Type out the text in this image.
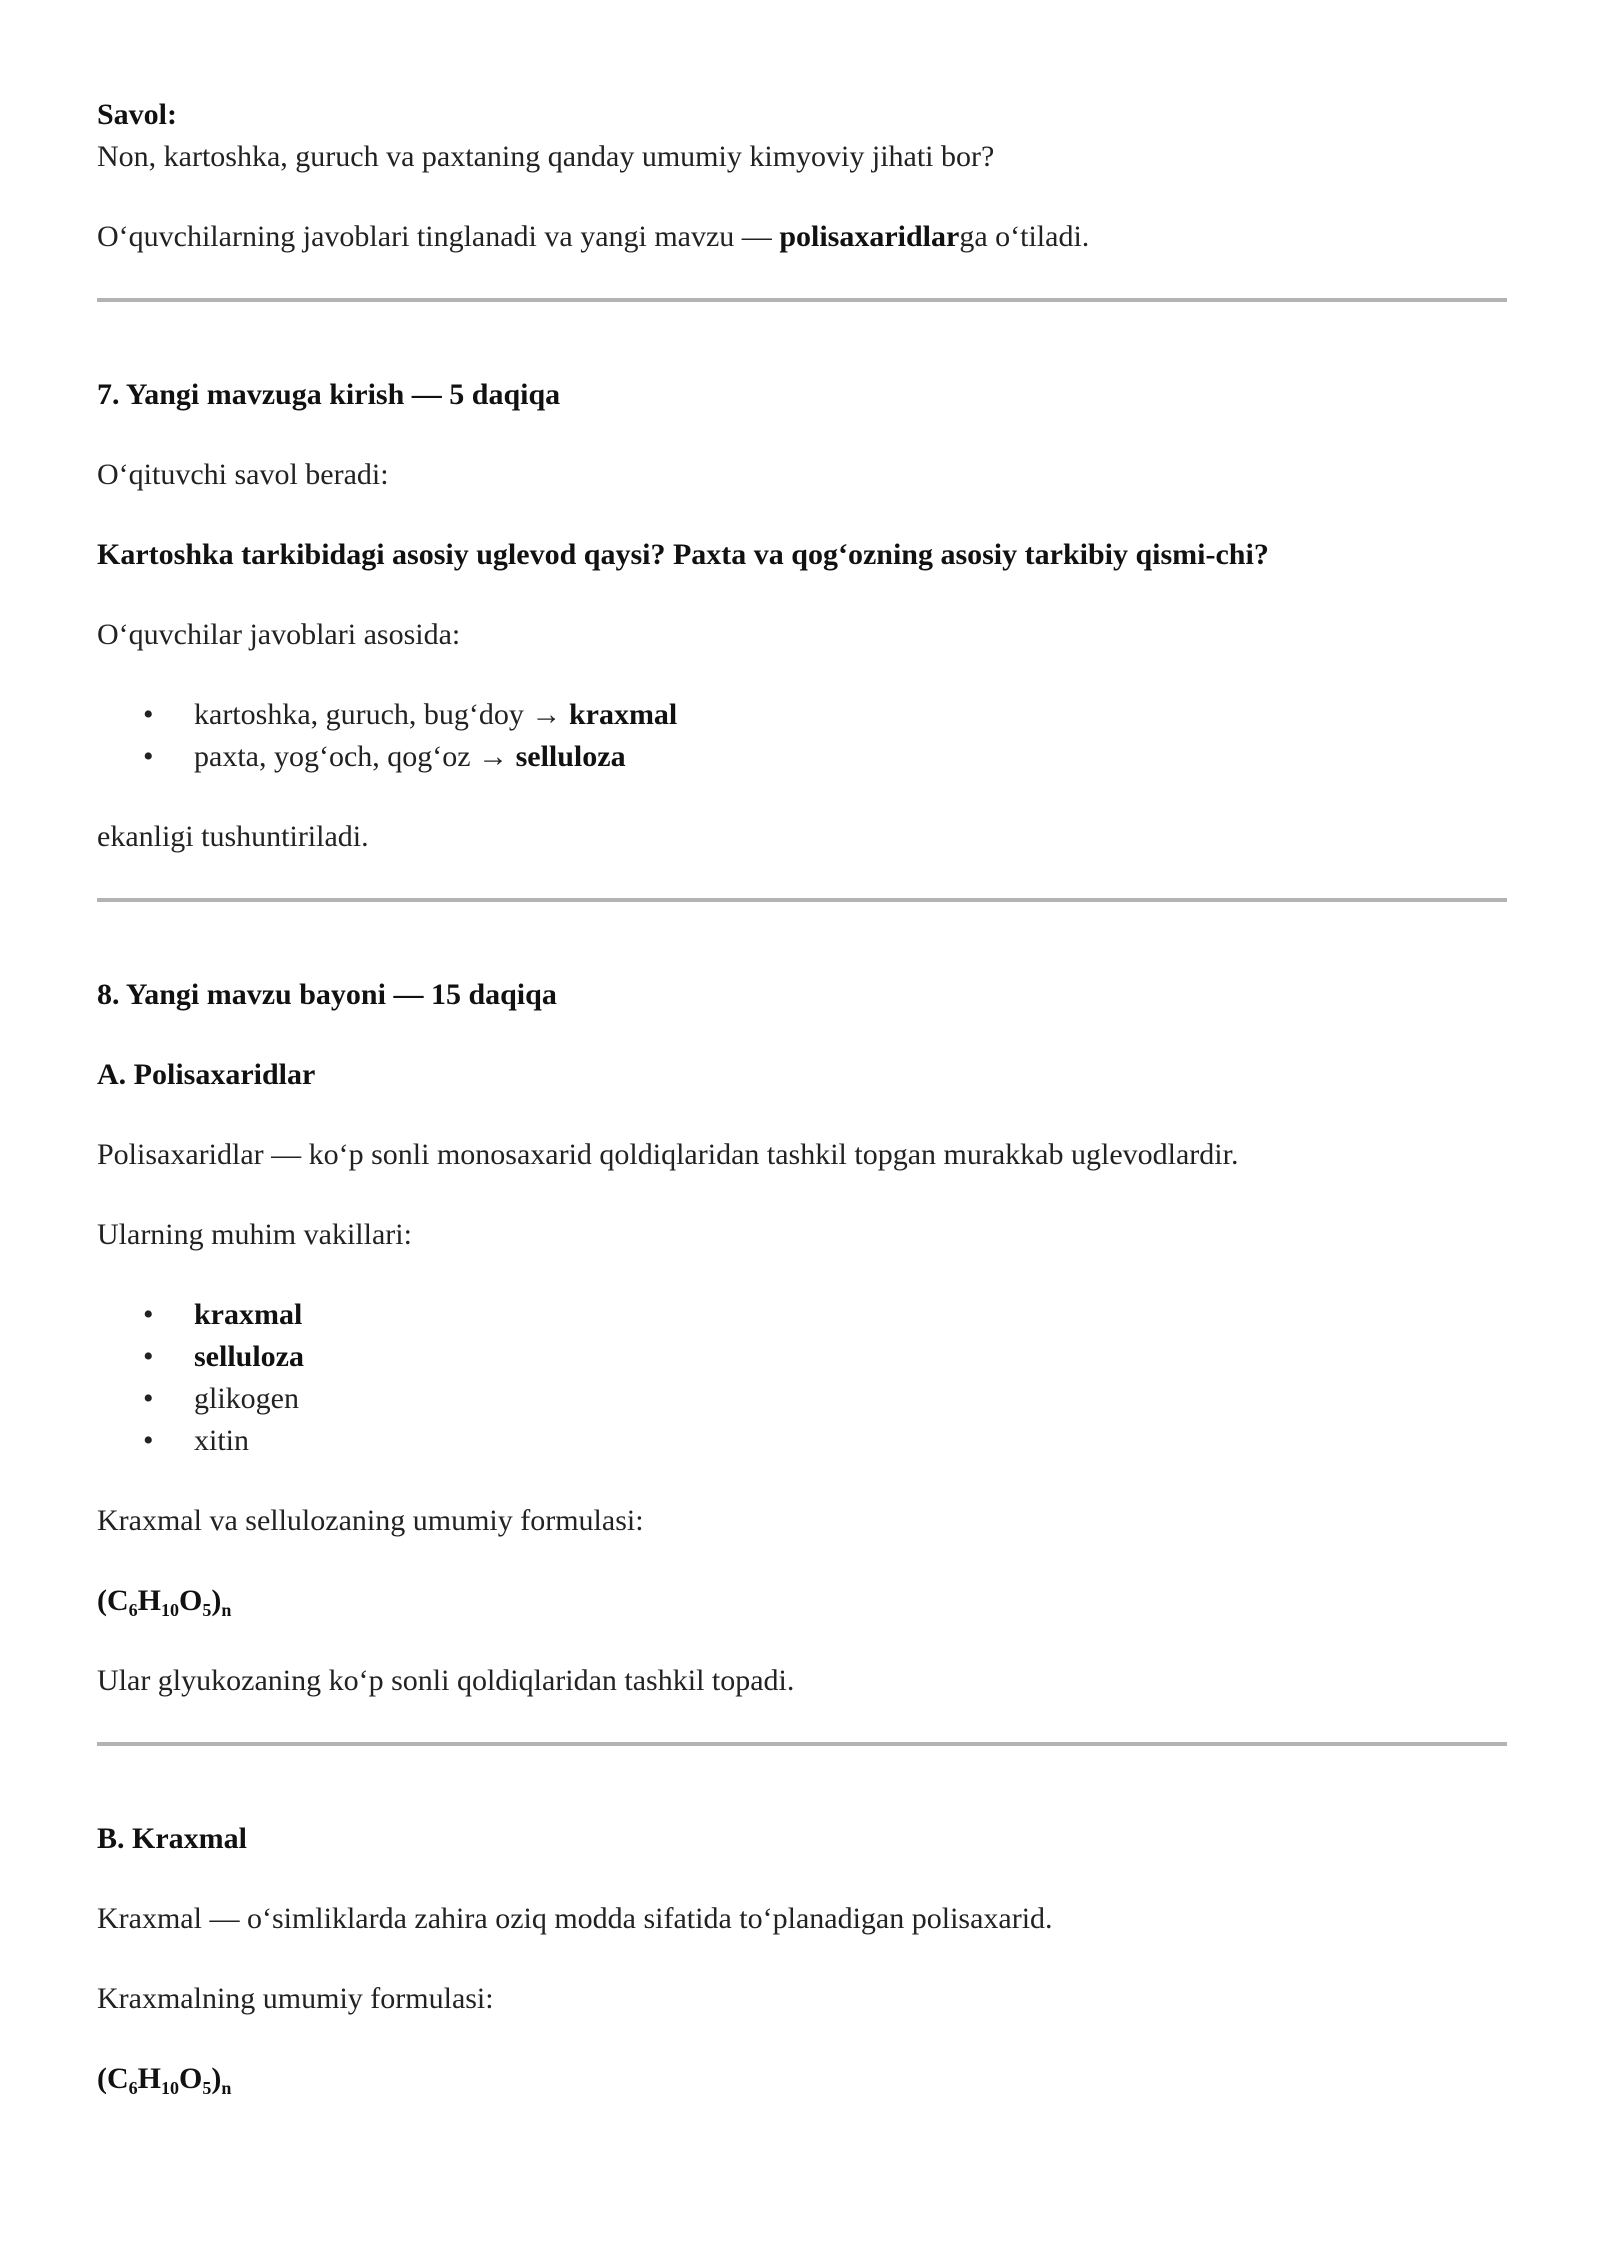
Savol:

Non, kartoshka, guruch va paxtaning qanday umumiy kimyoviy jihati bor?

O‘quvchilarning javoblari tinglanadi va yangi mavzu — polisaxaridlarga o‘tiladi.

7. Yangi mavzuga kirish — 5 daqiqa

O‘qituvchi savol beradi:

Kartoshka tarkibidagi asosiy uglevod qaysi? Paxta va qog‘ozning asosiy tarkibiy qismi-chi?

O‘quvchilar javoblari asosida:

• kartoshka, guruch, bug‘doy → kraxmal
• paxta, yog‘och, qog‘oz → selluloza

ekanligi tushuntiriladi.

8. Yangi mavzu bayoni — 15 daqiqa

A. Polisaxaridlar

Polisaxaridlar — ko‘p sonli monosaxarid qoldiqlaridan tashkil topgan murakkab uglevodlardir.

Ularning muhim vakillari:

• kraxmal
• selluloza
• glikogen
• xitin

Kraxmal va sellulozaning umumiy formulasi:

$(C_6H_{10}O_5)_n$

Ular glyukozaning ko‘p sonli qoldiqlaridan tashkil topadi.

B. Kraxmal

Kraxmal — o‘simliklarda zahira oziq modda sifatida to‘planadigan polisaxarid.

Kraxmalning umumiy formulasi:

$(C_6H_{10}O_5)_n$
